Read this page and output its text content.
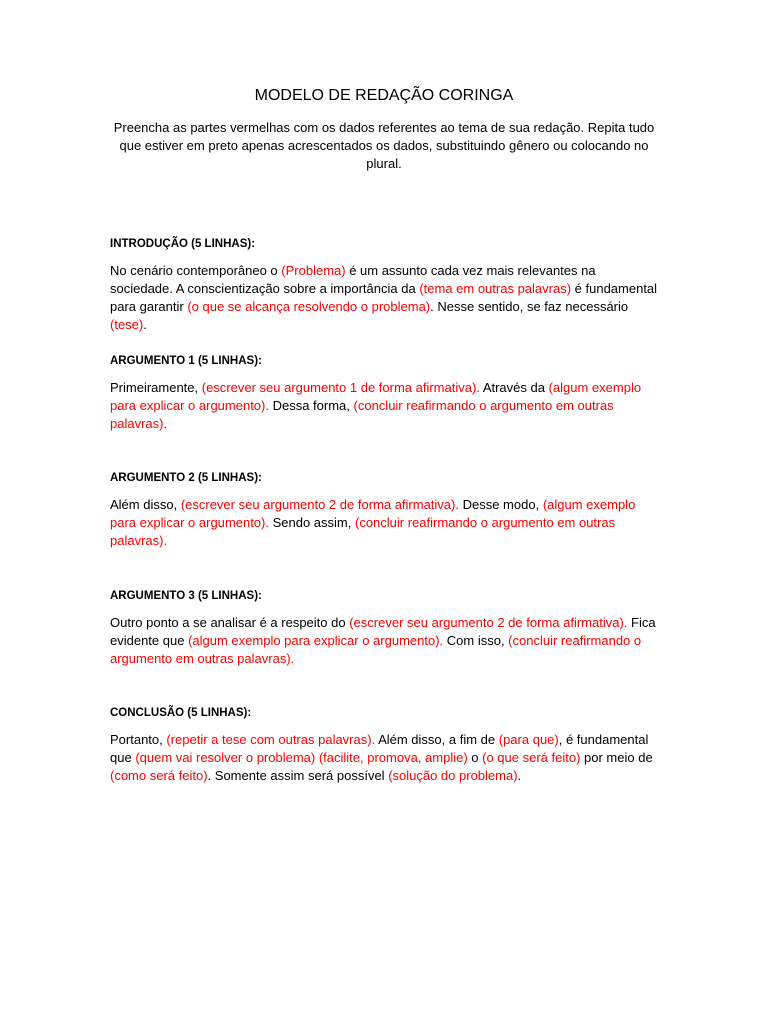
MODELO DE REDAÇÃO CORINGA
Preencha as partes vermelhas com os dados referentes ao tema de sua redação. Repita tudo que estiver em preto apenas acrescentados os dados, substituindo gênero ou colocando no plural.

INTRODUÇÃO (5 LINHAS):

No cenário contemporâneo o (Problema) é um assunto cada vez mais relevantes na sociedade. A conscientização sobre a importância da (tema em outras palavras) é fundamental para garantir (o que se alcança resolvendo o problema). Nesse sentido, se faz necessário (tese).

ARGUMENTO 1 (5 LINHAS):

Primeiramente, (escrever seu argumento 1 de forma afirmativa). Através da (algum exemplo para explicar o argumento). Dessa forma, (concluir reafirmando o argumento em outras palavras).

ARGUMENTO 2 (5 LINHAS):

Além disso, (escrever seu argumento 2 de forma afirmativa). Desse modo, (algum exemplo para explicar o argumento). Sendo assim, (concluir reafirmando o argumento em outras palavras).

ARGUMENTO 3 (5 LINHAS):

Outro ponto a se analisar é a respeito do (escrever seu argumento 2 de forma afirmativa). Fica evidente que (algum exemplo para explicar o argumento). Com isso, (concluir reafirmando o argumento em outras palavras).

CONCLUSÃO (5 LINHAS):

Portanto, (repetir a tese com outras palavras). Além disso, a fim de (para que), é fundamental que (quem vai resolver o problema) (facilite, promova, amplie) o (o que será feito) por meio de (como será feito). Somente assim será possível (solução do problema).
